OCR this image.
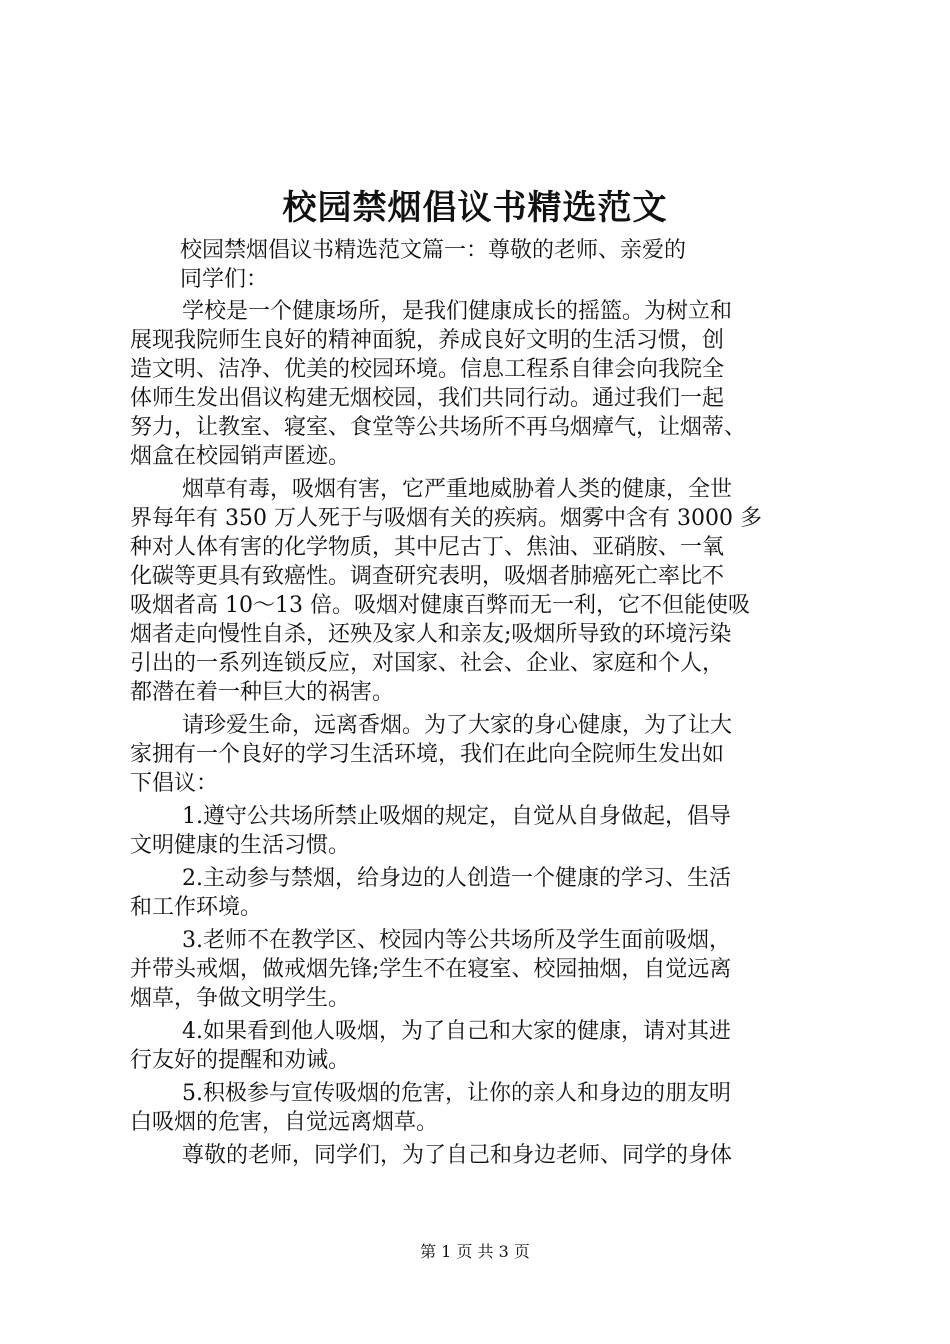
校园禁烟倡议书精选范文
校园禁烟倡议书精选范文篇一：尊敬的老师、亲爱的
同学们：
学校是一个健康场所，是我们健康成长的摇篮。为树立和
展现我院师生良好的精神面貌，养成良好文明的生活习惯，创
造文明、洁净、优美的校园环境。信息工程系自律会向我院全
体师生发出倡议构建无烟校园，我们共同行动。通过我们一起
努力，让教室、寝室、食堂等公共场所不再乌烟瘴气，让烟蒂、
烟盒在校园销声匿迹。
烟草有毒，吸烟有害，它严重地威胁着人类的健康，全世
界每年有 350 万人死于与吸烟有关的疾病。烟雾中含有 3000 多
种对人体有害的化学物质，其中尼古丁、焦油、亚硝胺、一氧
化碳等更具有致癌性。调查研究表明，吸烟者肺癌死亡率比不
吸烟者高 10～13 倍。吸烟对健康百弊而无一利，它不但能使吸
烟者走向慢性自杀，还殃及家人和亲友;吸烟所导致的环境污染
引出的一系列连锁反应，对国家、社会、企业、家庭和个人，
都潜在着一种巨大的祸害。
请珍爱生命，远离香烟。为了大家的身心健康，为了让大
家拥有一个良好的学习生活环境，我们在此向全院师生发出如
下倡议：
1.遵守公共场所禁止吸烟的规定，自觉从自身做起，倡导
文明健康的生活习惯。
2.主动参与禁烟，给身边的人创造一个健康的学习、生活
和工作环境。
3.老师不在教学区、校园内等公共场所及学生面前吸烟，
并带头戒烟，做戒烟先锋;学生不在寝室、校园抽烟，自觉远离
烟草，争做文明学生。
4.如果看到他人吸烟，为了自己和大家的健康，请对其进
行友好的提醒和劝诫。
5.积极参与宣传吸烟的危害，让你的亲人和身边的朋友明
白吸烟的危害，自觉远离烟草。
尊敬的老师，同学们，为了自己和身边老师、同学的身体
第 1 页 共 3 页
